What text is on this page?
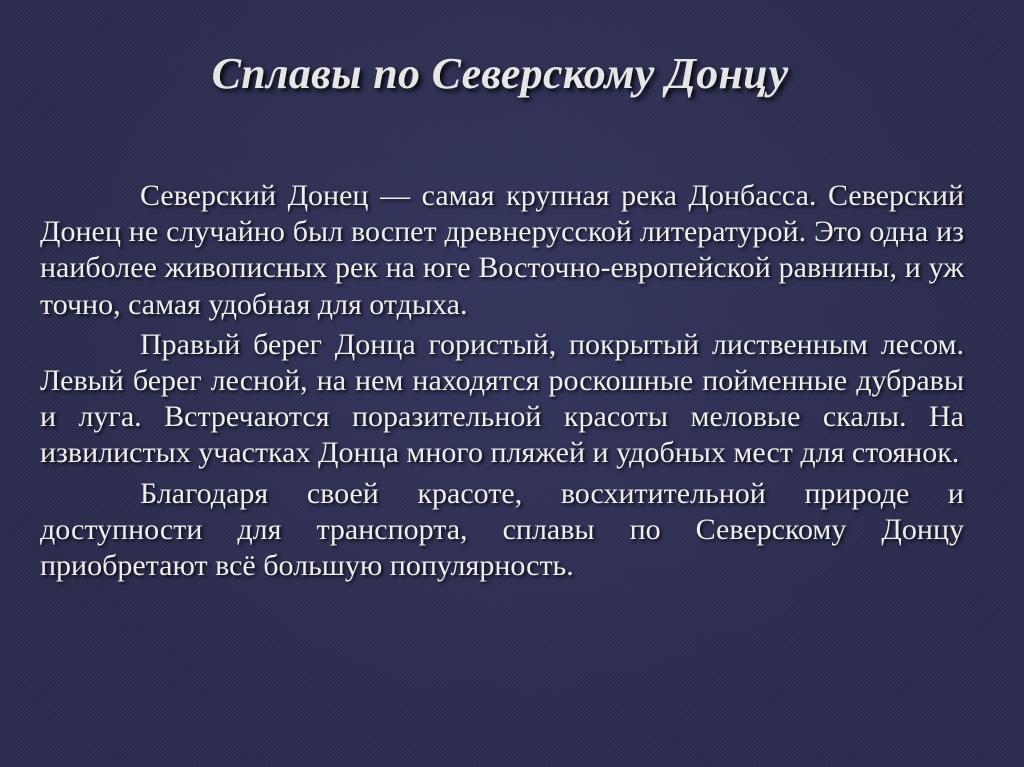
Сплавы по Северскому Донцу

Северский Донец — самая крупная река Донбасса. Северский Донец не случайно был воспет древнерусской литературой. Это одна из наиболее живописных рек на юге Восточно-европейской равнины, и уж точно, самая удобная для отдыха.

Правый берег Донца гористый, покрытый лиственным лесом. Левый берег лесной, на нем находятся роскошные пойменные дубравы и луга. Встречаются поразительной красоты меловые скалы. На извилистых участках Донца много пляжей и удобных мест для стоянок.

Благодаря своей красоте, восхитительной природе и доступности для транспорта, сплавы по Северскому Донцу приобретают всё большую популярность.
